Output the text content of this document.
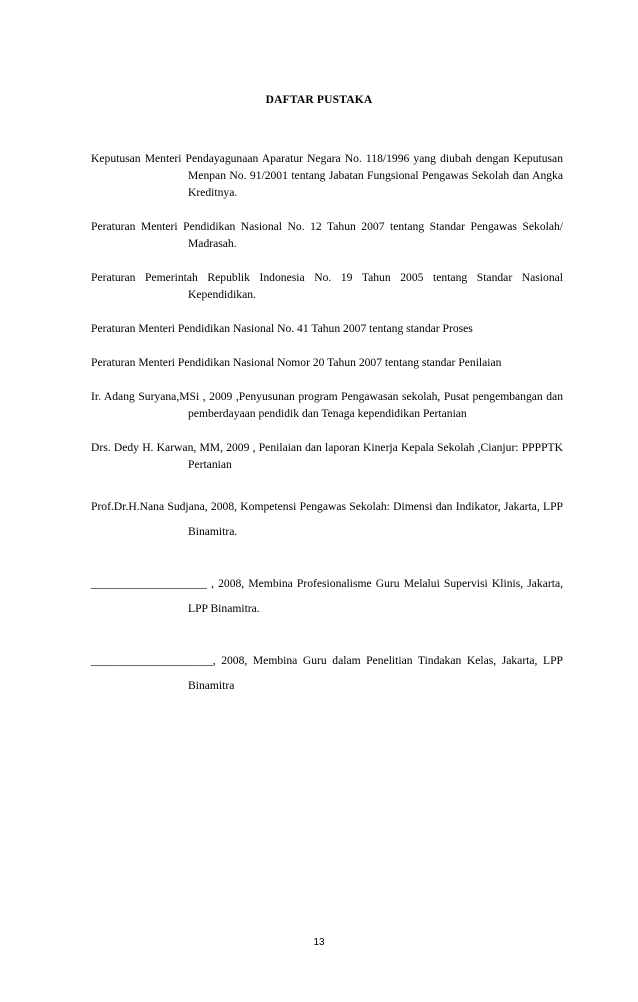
DAFTAR PUSTAKA

Keputusan Menteri Pendayagunaan Aparatur Negara No. 118/1996 yang diubah dengan Keputusan Menpan No. 91/2001 tentang Jabatan Fungsional Pengawas Sekolah dan Angka Kreditnya.

Peraturan Menteri Pendidikan Nasional No. 12 Tahun 2007 tentang Standar Pengawas Sekolah/ Madrasah.

Peraturan Pemerintah Republik Indonesia No. 19 Tahun 2005 tentang Standar Nasional Kependidikan.

Peraturan Menteri Pendidikan Nasional No. 41 Tahun 2007 tentang standar Proses

Peraturan Menteri Pendidikan Nasional Nomor 20 Tahun 2007 tentang standar Penilaian

Ir. Adang Suryana,MSi , 2009 ,Penyusunan program Pengawasan sekolah, Pusat pengembangan dan pemberdayaan pendidik dan Tenaga kependidikan Pertanian

Drs. Dedy H. Karwan, MM, 2009 , Penilaian dan laporan Kinerja Kepala Sekolah ,Cianjur: PPPPTK Pertanian

Prof.Dr.H.Nana Sudjana, 2008, Kompetensi Pengawas Sekolah: Dimensi dan Indikator, Jakarta, LPP Binamitra.

____________________ , 2008, Membina Profesionalisme Guru Melalui Supervisi Klinis, Jakarta, LPP Binamitra.

_____________________, 2008, Membina Guru dalam Penelitian Tindakan Kelas, Jakarta, LPP Binamitra

13
